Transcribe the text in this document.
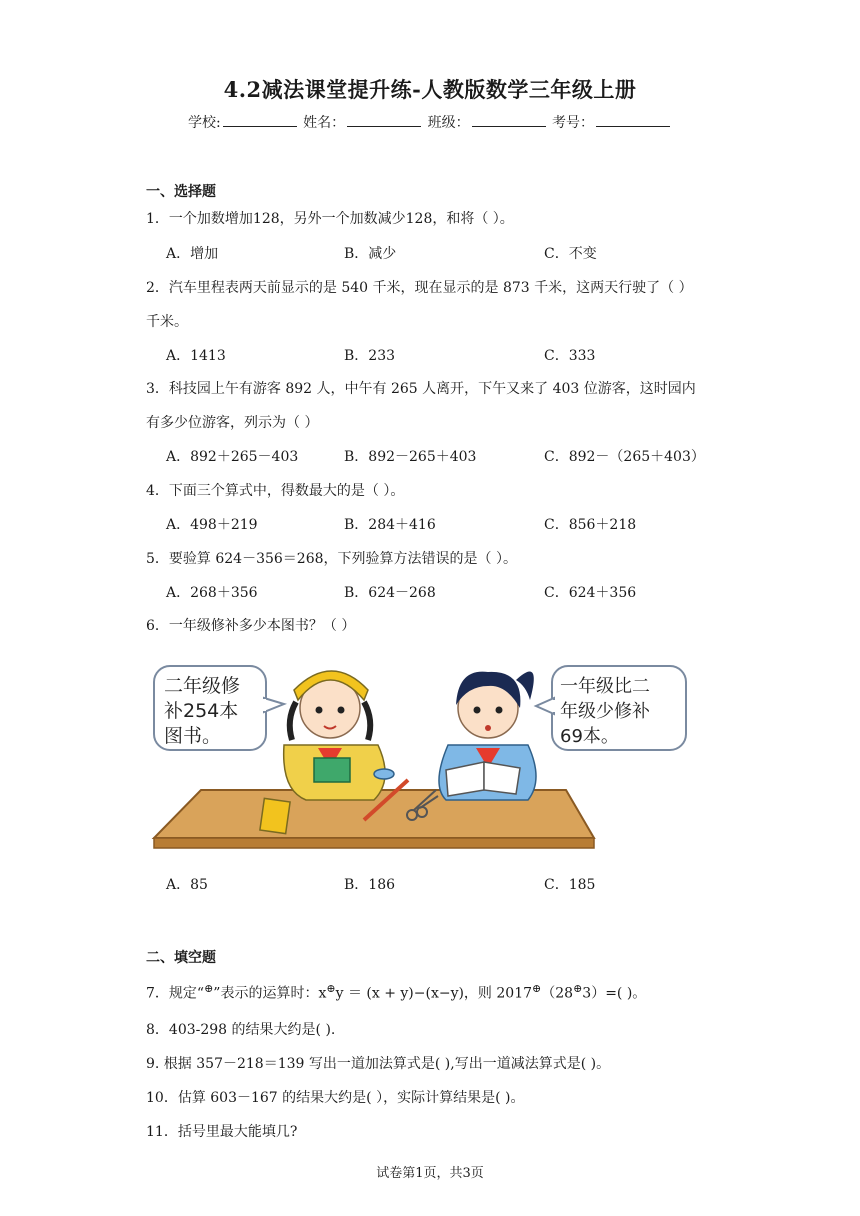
4.2减法课堂提升练-人教版数学三年级上册
学校:	姓名：	班级：	考号：
一、选择题
1．一个加数增加128，另外一个加数减少128，和将（ ）。
A．增加	B．减少	C．不变
2．汽车里程表两天前显示的是 540 千米，现在显示的是 873 千米，这两天行驶了（ ）
千米。
A．1413	B．233	C．333
3．科技园上午有游客 892 人，中午有 265 人离开，下午又来了 403 位游客，这时园内
有多少位游客，列示为（ ）
A．892＋265－403	B．892－265＋403	C．892－（265＋403）
4．下面三个算式中，得数最大的是（ ）。
A．498＋219	B．284＋416	C．856＋218
5．要验算 624－356＝268，下列验算方法错误的是（ ）。
A．268＋356	B．624－268	C．624＋356
6．一年级修补多少本图书？（ ）
二年级修
补254本
图书。
一年级比二
年级少修补
69本。
A．85	B．186	C．185
二、填空题
7．规定“⊕”表示的运算时：x⊕y ＝ (x + y)−(x−y)，则 2017⊕（28⊕3）=( )。
8．403-298 的结果大约是( ).
9. 根据 357－218＝139 写出一道加法算式是( ),写出一道减法算式是( )。
10．估算 603－167 的结果大约是( ），实际计算结果是( )。
11．括号里最大能填几?
试卷第1页，共3页
